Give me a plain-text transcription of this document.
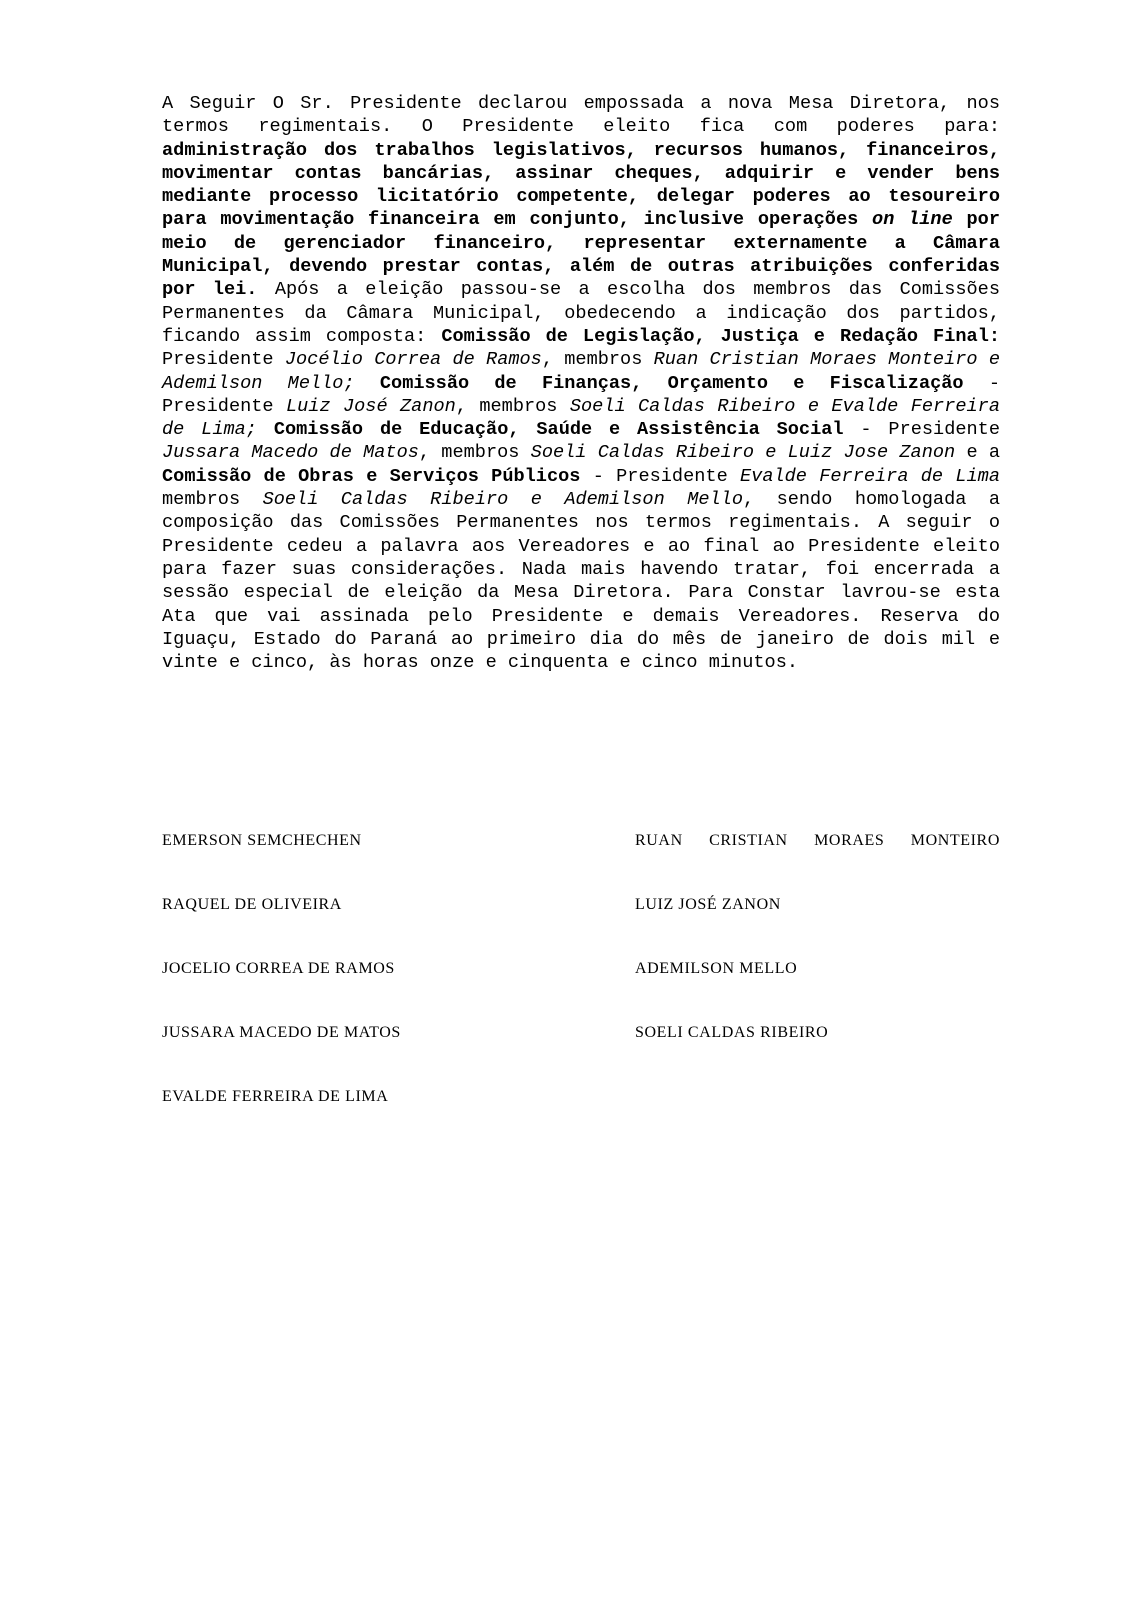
A Seguir O Sr. Presidente declarou empossada a nova Mesa Diretora, nos termos regimentais. O Presidente eleito fica com poderes para: administração dos trabalhos legislativos, recursos humanos, financeiros, movimentar contas bancárias, assinar cheques, adquirir e vender bens mediante processo licitatório competente, delegar poderes ao tesoureiro para movimentação financeira em conjunto, inclusive operações on line por meio de gerenciador financeiro, representar externamente a Câmara Municipal, devendo prestar contas, além de outras atribuições conferidas por lei. Após a eleição passou-se a escolha dos membros das Comissões Permanentes da Câmara Municipal, obedecendo a indicação dos partidos, ficando assim composta: Comissão de Legislação, Justiça e Redação Final: Presidente Jocélio Correa de Ramos, membros Ruan Cristian Moraes Monteiro e Ademilson Mello; Comissão de Finanças, Orçamento e Fiscalização - Presidente Luiz José Zanon, membros Soeli Caldas Ribeiro e Evalde Ferreira de Lima; Comissão de Educação, Saúde e Assistência Social - Presidente Jussara Macedo de Matos, membros Soeli Caldas Ribeiro e Luiz Jose Zanon e a Comissão de Obras e Serviços Públicos - Presidente Evalde Ferreira de Lima membros Soeli Caldas Ribeiro e Ademilson Mello, sendo homologada a composição das Comissões Permanentes nos termos regimentais. A seguir o Presidente cedeu a palavra aos Vereadores e ao final ao Presidente eleito para fazer suas considerações. Nada mais havendo tratar, foi encerrada a sessão especial de eleição da Mesa Diretora. Para Constar lavrou-se esta Ata que vai assinada pelo Presidente e demais Vereadores. Reserva do Iguaçu, Estado do Paraná ao primeiro dia do mês de janeiro de dois mil e vinte e cinco, às horas onze e cinquenta e cinco minutos.
EMERSON SEMCHECHEN	RUAN CRISTIAN MORAES MONTEIRO
RAQUEL DE OLIVEIRA	LUIZ JOSÉ ZANON
JOCELIO CORREA DE RAMOS	ADEMILSON MELLO
JUSSARA MACEDO DE MATOS	SOELI CALDAS RIBEIRO
EVALDE FERREIRA DE LIMA
